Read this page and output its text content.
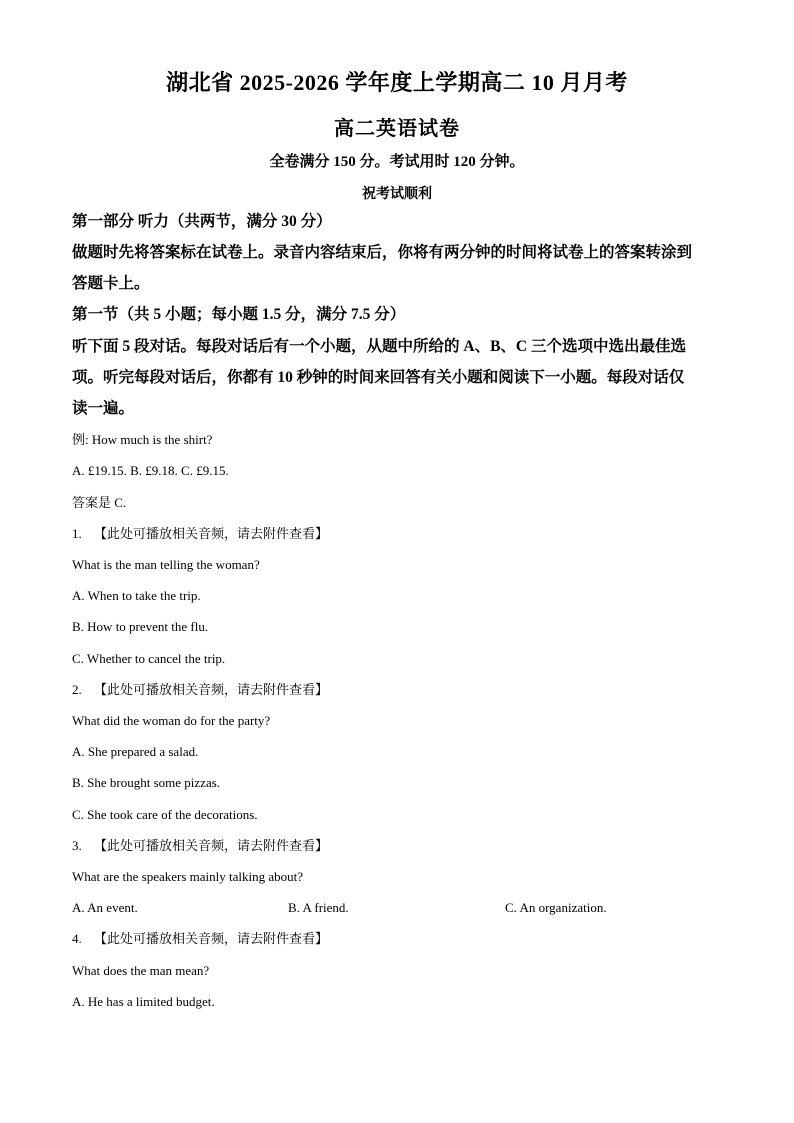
湖北省 2025-2026 学年度上学期高二 10 月月考
高二英语试卷
全卷满分 150 分。考试用时 120 分钟。
祝考试顺利
第一部分 听力（共两节，满分 30 分）
做题时先将答案标在试卷上。录音内容结束后，你将有两分钟的时间将试卷上的答案转涂到
答题卡上。
第一节（共 5 小题；每小题 1.5 分，满分 7.5 分）
听下面 5 段对话。每段对话后有一个小题，从题中所给的 A、B、C 三个选项中选出最佳选
项。听完每段对话后，你都有 10 秒钟的时间来回答有关小题和阅读下一小题。每段对话仅
读一遍。
例: How much is the shirt?
A. £19.15. B. £9.18. C. £9.15.
答案是 C.
1. 【此处可播放相关音频，请去附件查看】
What is the man telling the woman?
A. When to take the trip.
B. How to prevent the flu.
C. Whether to cancel the trip.
2. 【此处可播放相关音频，请去附件查看】
What did the woman do for the party?
A. She prepared a salad.
B. She brought some pizzas.
C. She took care of the decorations.
3. 【此处可播放相关音频，请去附件查看】
What are the speakers mainly talking about?
A. An event.	B. A friend.	C. An organization.
4. 【此处可播放相关音频，请去附件查看】
What does the man mean?
A. He has a limited budget.
